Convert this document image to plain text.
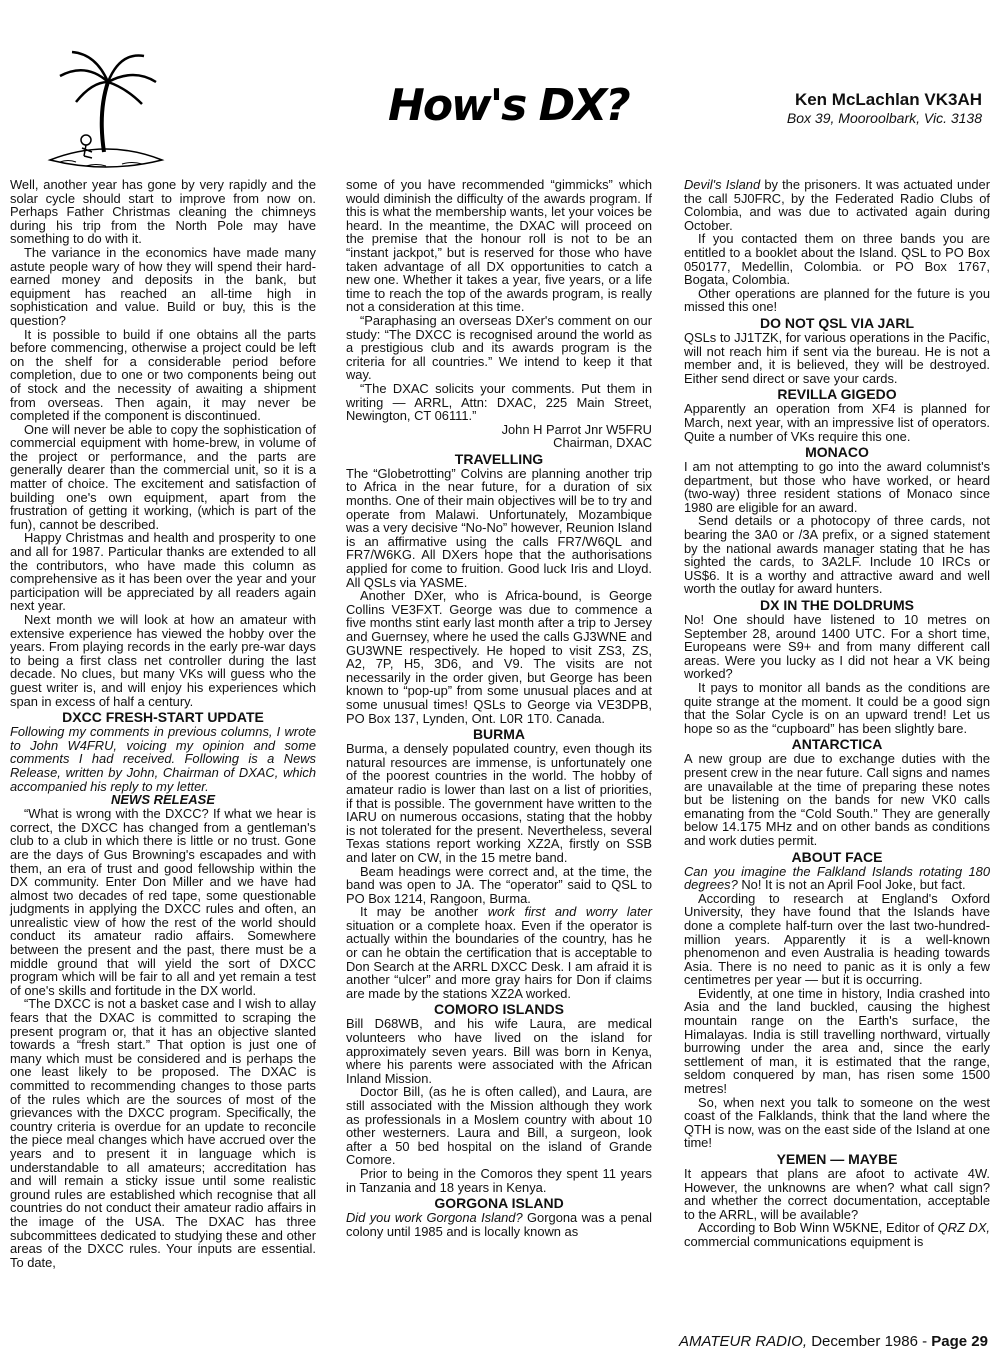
How's DX?	Ken McLachlan VK3AH
Box 39, Mooroolbark, Vic. 3138

Well, another year has gone by very rapidly and the solar cycle should start to improve from now on. Perhaps Father Christmas cleaning the chimneys during his trip from the North Pole may have something to do with it.

The variance in the economics have made many astute people wary of how they will spend their hard-earned money and deposits in the bank, but equipment has reached an all-time high in sophistication and value. Build or buy, this is the question?

It is possible to build if one obtains all the parts before commencing, otherwise a project could be left on the shelf for a considerable period before completion, due to one or two components being out of stock and the necessity of awaiting a shipment from overseas. Then again, it may never be completed if the component is discontinued.

One will never be able to copy the sophistication of commercial equipment with home-brew, in volume of the project or performance, and the parts are generally dearer than the commercial unit, so it is a matter of choice. The excitement and satisfaction of building one's own equipment, apart from the frustration of getting it working, (which is part of the fun), cannot be described.

Happy Christmas and health and prosperity to one and all for 1987. Particular thanks are extended to all the contributors, who have made this column as comprehensive as it has been over the year and your participation will be appreciated by all readers again next year.

Next month we will look at how an amateur with extensive experience has viewed the hobby over the years. From playing records in the early pre-war days to being a first class net controller during the last decade. No clues, but many VKs will guess who the guest writer is, and will enjoy his experiences which span in excess of half a century.

DXCC FRESH-START UPDATE

Following my comments in previous columns, I wrote to John W4FRU, voicing my opinion and some comments I had received. Following is a News Release, written by John, Chairman of DXAC, which accompanied his reply to my letter.

NEWS RELEASE

“What is wrong with the DXCC? If what we hear is correct, the DXCC has changed from a gentleman's club to a club in which there is little or no trust. Gone are the days of Gus Browning's escapades and with them, an era of trust and good fellowship within the DX community. Enter Don Miller and we have had almost two decades of red tape, some questionable judgments in applying the DXCC rules and often, an unrealistic view of how the rest of the world should conduct its amateur radio affairs. Somewhere between the present and the past, there must be a middle ground that will yield the sort of DXCC program which will be fair to all and yet remain a test of one's skills and fortitude in the DX world.

“The DXCC is not a basket case and I wish to allay fears that the DXAC is committed to scraping the present program or, that it has an objective slanted towards a “fresh start.” That option is just one of many which must be considered and is perhaps the one least likely to be proposed. The DXAC is committed to recommending changes to those parts of the rules which are the sources of most of the grievances with the DXCC program. Specifically, the country criteria is overdue for an update to reconcile the piece meal changes which have accrued over the years and to present it in language which is understandable to all amateurs; accreditation has and will remain a sticky issue until some realistic ground rules are established which recognise that all countries do not conduct their amateur radio affairs in the image of the USA. The DXAC has three subcommittees dedicated to studying these and other areas of the DXCC rules. Your inputs are essential. To date,

some of you have recommended “gimmicks” which would diminish the difficulty of the awards program. If this is what the membership wants, let your voices be heard. In the meantime, the DXAC will proceed on the premise that the honour roll is not to be an “instant jackpot,” but is reserved for those who have taken advantage of all DX opportunities to catch a new one. Whether it takes a year, five years, or a life time to reach the top of the awards program, is really not a consideration at this time.

“Paraphasing an overseas DXer's comment on our study: “The DXCC is recognised around the world as a prestigious club and its awards program is the criteria for all countries.” We intend to keep it that way.

“The DXAC solicits your comments. Put them in writing — ARRL, Attn: DXAC, 225 Main Street, Newington, CT 06111.”

John H Parrot Jnr W5FRU
Chairman, DXAC
TRAVELLING

The “Globetrotting” Colvins are planning another trip to Africa in the near future, for a duration of six months. One of their main objectives will be to try and operate from Malawi. Unfortunately, Mozambique was a very decisive “No-No” however, Reunion Island is an affirmative using the calls FR7/W6QL and FR7/W6KG. All DXers hope that the authorisations applied for come to fruition. Good luck Iris and Lloyd. All QSLs via YASME.

Another DXer, who is Africa-bound, is George Collins VE3FXT. George was due to commence a five months stint early last month after a trip to Jersey and Guernsey, where he used the calls GJ3WNE and GU3WNE respectively. He hoped to visit ZS3, ZS, A2, 7P, H5, 3D6, and V9. The visits are not necessarily in the order given, but George has been known to “pop-up” from some unusual places and at some unusual times! QSLs to George via VE3DPB, PO Box 137, Lynden, Ont. L0R 1T0. Canada.

BURMA

Burma, a densely populated country, even though its natural resources are immense, is unfortunately one of the poorest countries in the world. The hobby of amateur radio is lower than last on a list of priorities, if that is possible. The government have written to the IARU on numerous occasions, stating that the hobby is not tolerated for the present. Nevertheless, several Texas stations report working XZ2A, firstly on SSB and later on CW, in the 15 metre band.

Beam headings were correct and, at the time, the band was open to JA. The “operator” said to QSL to PO Box 1214, Rangoon, Burma.

It may be another work first and worry later situation or a complete hoax. Even if the operator is actually within the boundaries of the country, has he or can he obtain the certification that is acceptable to Don Search at the ARRL DXCC Desk. I am afraid it is another “ulcer” and more gray hairs for Don if claims are made by the stations XZ2A worked.

COMORO ISLANDS

Bill D68WB, and his wife Laura, are medical volunteers who have lived on the island for approximately seven years. Bill was born in Kenya, where his parents were associated with the African Inland Mission.

Doctor Bill, (as he is often called), and Laura, are still associated with the Mission although they work as professionals in a Moslem country with about 10 other westerners. Laura and Bill, a surgeon, look after a 50 bed hospital on the island of Grande Comore.

Prior to being in the Comoros they spent 11 years in Tanzania and 18 years in Kenya.

GORGONA ISLAND

Did you work Gorgona Island? Gorgona was a penal colony until 1985 and is locally known as

Devil's Island by the prisoners. It was actuated under the call 5J0FRC, by the Federated Radio Clubs of Colombia, and was due to activated again during October.

If you contacted them on three bands you are entitled to a booklet about the Island. QSL to PO Box 050177, Medellin, Colombia. or PO Box 1767, Bogata, Colombia.

Other operations are planned for the future is you missed this one!

DO NOT QSL VIA JARL

QSLs to JJ1TZK, for various operations in the Pacific, will not reach him if sent via the bureau. He is not a member and, it is believed, they will be destroyed. Either send direct or save your cards.

REVILLA GIGEDO

Apparently an operation from XF4 is planned for March, next year, with an impressive list of operators. Quite a number of VKs require this one.

MONACO

I am not attempting to go into the award columnist's department, but those who have worked, or heard (two-way) three resident stations of Monaco since 1980 are eligible for an award.

Send details or a photocopy of three cards, not bearing the 3A0 or /3A prefix, or a signed statement by the national awards manager stating that he has sighted the cards, to 3A2LF. Include 10 IRCs or US$6. It is a worthy and attractive award and well worth the outlay for award hunters.

DX IN THE DOLDRUMS

No! One should have listened to 10 metres on September 28, around 1400 UTC. For a short time, Europeans were S9+ and from many different call areas. Were you lucky as I did not hear a VK being worked?

It pays to monitor all bands as the conditions are quite strange at the moment. It could be a good sign that the Solar Cycle is on an upward trend! Let us hope so as the “cupboard” has been slightly bare.

ANTARCTICA

A new group are due to exchange duties with the present crew in the near future. Call signs and names are unavailable at the time of preparing these notes but be listening on the bands for new VK0 calls emanating from the “Cold South.” They are generally below 14.175 MHz and on other bands as conditions and work duties permit.

ABOUT FACE

Can you imagine the Falkland Islands rotating 180 degrees? No! It is not an April Fool Joke, but fact.

According to research at England's Oxford University, they have found that the Islands have done a complete half-turn over the last two-hundred-million years. Apparently it is a well-known phenomenon and even Australia is heading towards Asia. There is no need to panic as it is only a few centimetres per year — but it is occurring.

Evidently, at one time in history, India crashed into Asia and the land buckled, causing the highest mountain range on the Earth's surface, the Himalayas. India is still travelling northward, virtually burrowing under the area and, since the early settlement of man, it is estimated that the range, seldom conquered by man, has risen some 1500 metres!

So, when next you talk to someone on the west coast of the Falklands, think that the land where the QTH is now, was on the east side of the Island at one time!

YEMEN — MAYBE

It appears that plans are afoot to activate 4W. However, the unknowns are when? what call sign? and whether the correct documentation, acceptable to the ARRL, will be available?

According to Bob Winn W5KNE, Editor of QRZ DX, commercial communications equipment is

AMATEUR RADIO, December 1986 - Page 29
